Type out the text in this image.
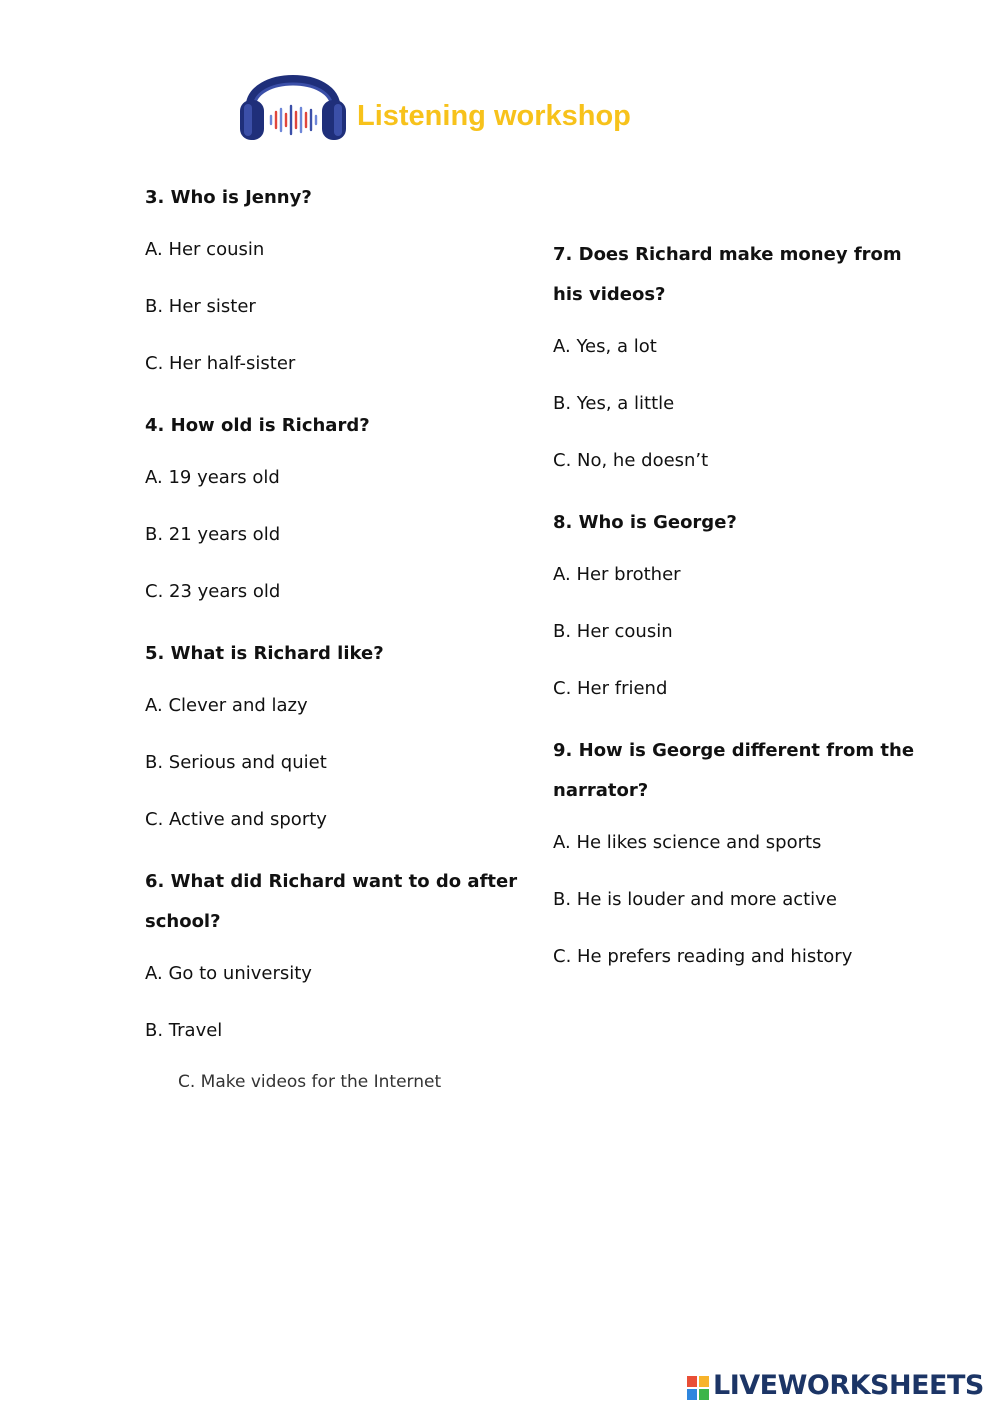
Listening workshop
3. Who is Jenny?
A. Her cousin
B. Her sister
C. Her half-sister
4. How old is Richard?
A. 19 years old
B. 21 years old
C. 23 years old
5. What is Richard like?
A. Clever and lazy
B. Serious and quiet
C. Active and sporty
6. What did Richard want to do after school?
A. Go to university
B. Travel
C. Make videos for the Internet
7. Does Richard make money from his videos?
A. Yes, a lot
B. Yes, a little
C. No, he doesn’t
8. Who is George?
A. Her brother
B. Her cousin
C. Her friend
9. How is George different from the narrator?
A. He likes science and sports
B. He is louder and more active
C. He prefers reading and history
LIVEWORKSHEETS
